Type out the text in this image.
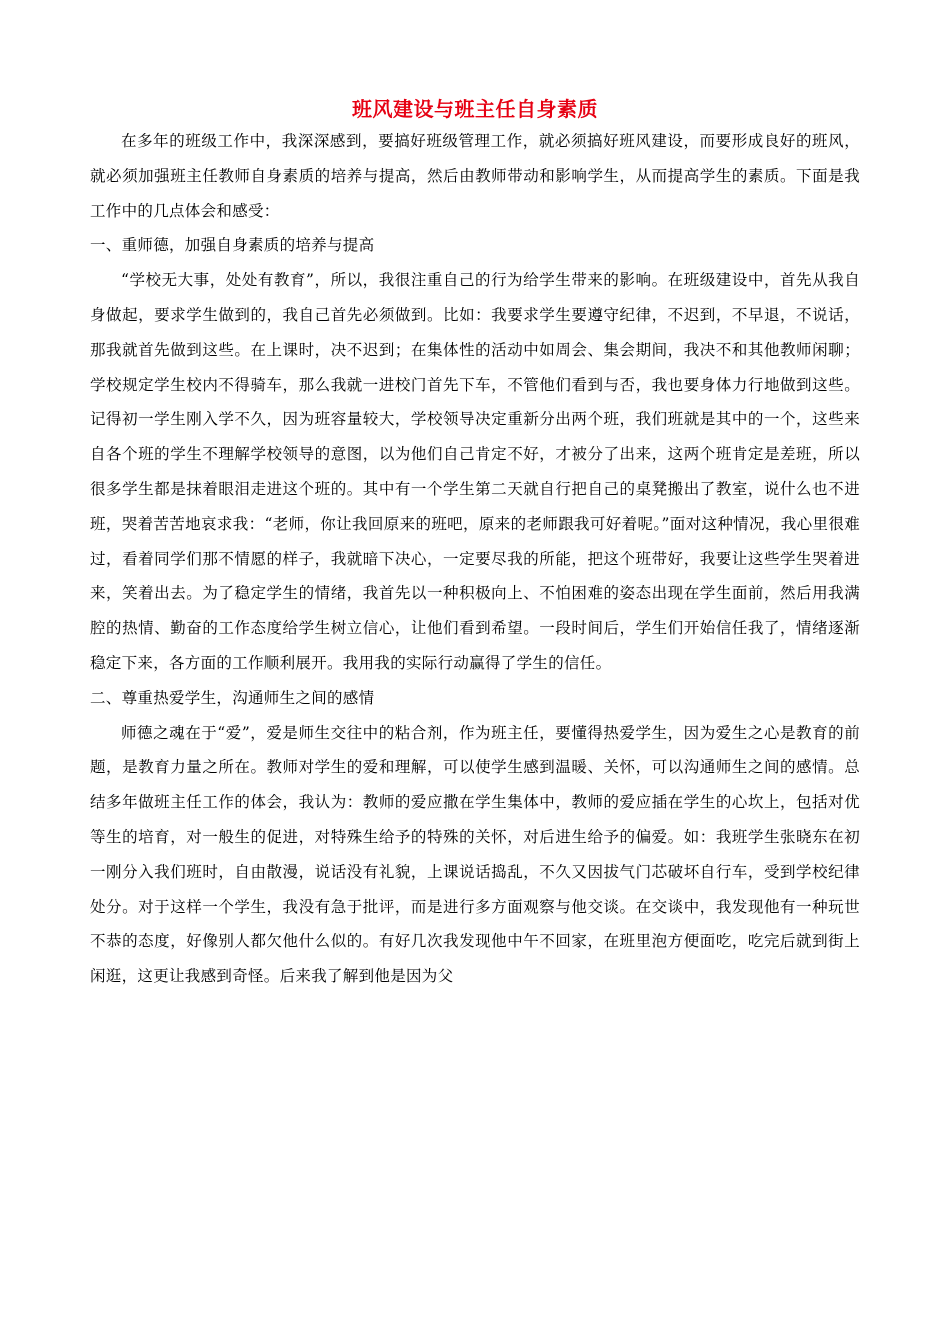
班风建设与班主任自身素质

在多年的班级工作中，我深深感到，要搞好班级管理工作，就必须搞好班风建设，而要形成良好的班风，就必须加强班主任教师自身素质的培养与提高，然后由教师带动和影响学生，从而提高学生的素质。下面是我工作中的几点体会和感受：

一、重师德，加强自身素质的培养与提高

“学校无大事，处处有教育”，所以，我很注重自己的行为给学生带来的影响。在班级建设中，首先从我自身做起，要求学生做到的，我自己首先必须做到。比如：我要求学生要遵守纪律，不迟到，不早退，不说话，那我就首先做到这些。在上课时，决不迟到；在集体性的活动中如周会、集会期间，我决不和其他教师闲聊；学校规定学生校内不得骑车，那么我就一进校门首先下车，不管他们看到与否，我也要身体力行地做到这些。记得初一学生刚入学不久，因为班容量较大，学校领导决定重新分出两个班，我们班就是其中的一个，这些来自各个班的学生不理解学校领导的意图，以为他们自己肯定不好，才被分了出来，这两个班肯定是差班，所以很多学生都是抹着眼泪走进这个班的。其中有一个学生第二天就自行把自己的桌凳搬出了教室，说什么也不进班，哭着苦苦地哀求我：“老师，你让我回原来的班吧，原来的老师跟我可好着呢。”面对这种情况，我心里很难过，看着同学们那不情愿的样子，我就暗下决心，一定要尽我的所能，把这个班带好，我要让这些学生哭着进来，笑着出去。为了稳定学生的情绪，我首先以一种积极向上、不怕困难的姿态出现在学生面前，然后用我满腔的热情、勤奋的工作态度给学生树立信心，让他们看到希望。一段时间后，学生们开始信任我了，情绪逐渐稳定下来，各方面的工作顺利展开。我用我的实际行动赢得了学生的信任。

二、尊重热爱学生，沟通师生之间的感情

师德之魂在于“爱”，爱是师生交往中的粘合剂，作为班主任，要懂得热爱学生，因为爱生之心是教育的前题，是教育力量之所在。教师对学生的爱和理解，可以使学生感到温暖、关怀，可以沟通师生之间的感情。总结多年做班主任工作的体会，我认为：教师的爱应撒在学生集体中，教师的爱应插在学生的心坎上，包括对优等生的培育，对一般生的促进，对特殊生给予的特殊的关怀，对后进生给予的偏爱。如：我班学生张晓东在初一刚分入我们班时，自由散漫，说话没有礼貌，上课说话捣乱，不久又因拔气门芯破坏自行车，受到学校纪律处分。对于这样一个学生，我没有急于批评，而是进行多方面观察与他交谈。在交谈中，我发现他有一种玩世不恭的态度，好像别人都欠他什么似的。有好几次我发现他中午不回家，在班里泡方便面吃，吃完后就到街上闲逛，这更让我感到奇怪。后来我了解到他是因为父
